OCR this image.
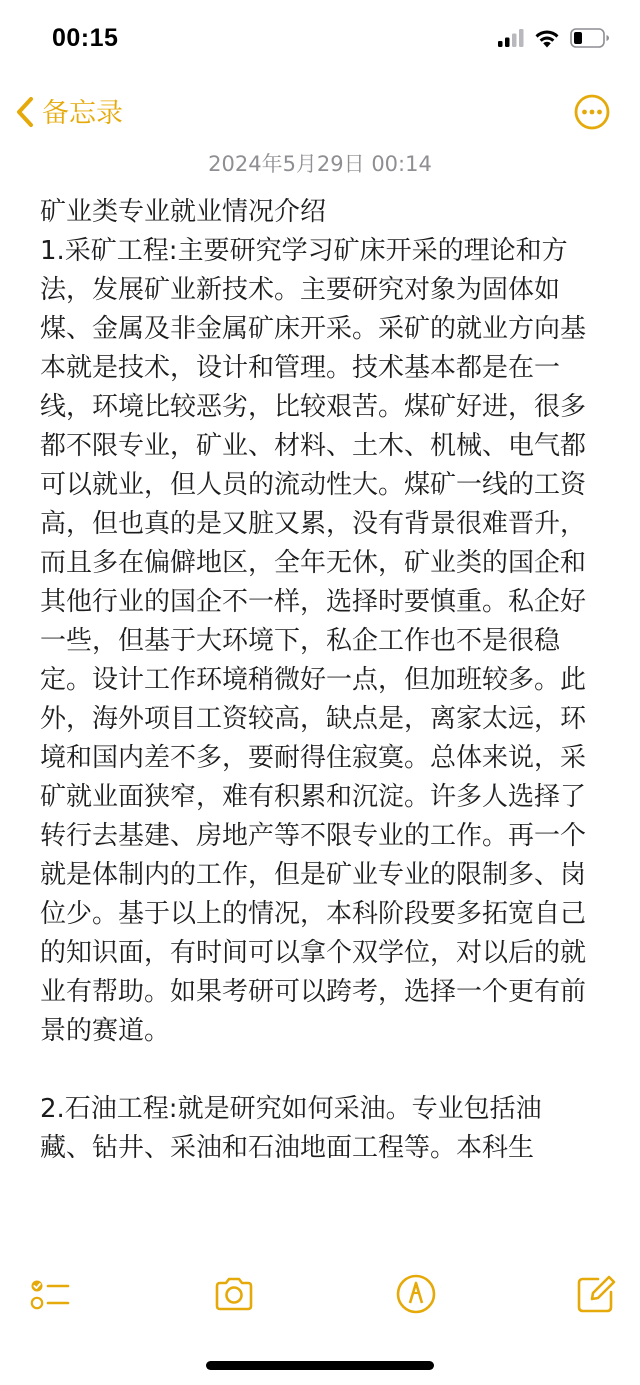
00:15
备忘录
2024年5月29日 00:14

矿业类专业就业情况介绍

1.采矿工程:主要研究学习矿床开采的理论和方法，发展矿业新技术。主要研究对象为固体如煤、金属及非金属矿床开采。采矿的就业方向基本就是技术，设计和管理。技术基本都是在一线，环境比较恶劣，比较艰苦。煤矿好进，很多都不限专业，矿业、材料、土木、机械、电气都可以就业，但人员的流动性大。煤矿一线的工资高，但也真的是又脏又累，没有背景很难晋升，而且多在偏僻地区，全年无休，矿业类的国企和其他行业的国企不一样，选择时要慎重。私企好一些，但基于大环境下，私企工作也不是很稳定。设计工作环境稍微好一点，但加班较多。此外，海外项目工资较高，缺点是，离家太远，环境和国内差不多，要耐得住寂寞。总体来说，采矿就业面狭窄，难有积累和沉淀。许多人选择了转行去基建、房地产等不限专业的工作。再一个就是体制内的工作，但是矿业专业的限制多、岗位少。基于以上的情况，本科阶段要多拓宽自己的知识面，有时间可以拿个双学位，对以后的就业有帮助。如果考研可以跨考，选择一个更有前景的赛道。

2.石油工程:就是研究如何采油。专业包括油藏、钻井、采油和石油地面工程等。本科生
